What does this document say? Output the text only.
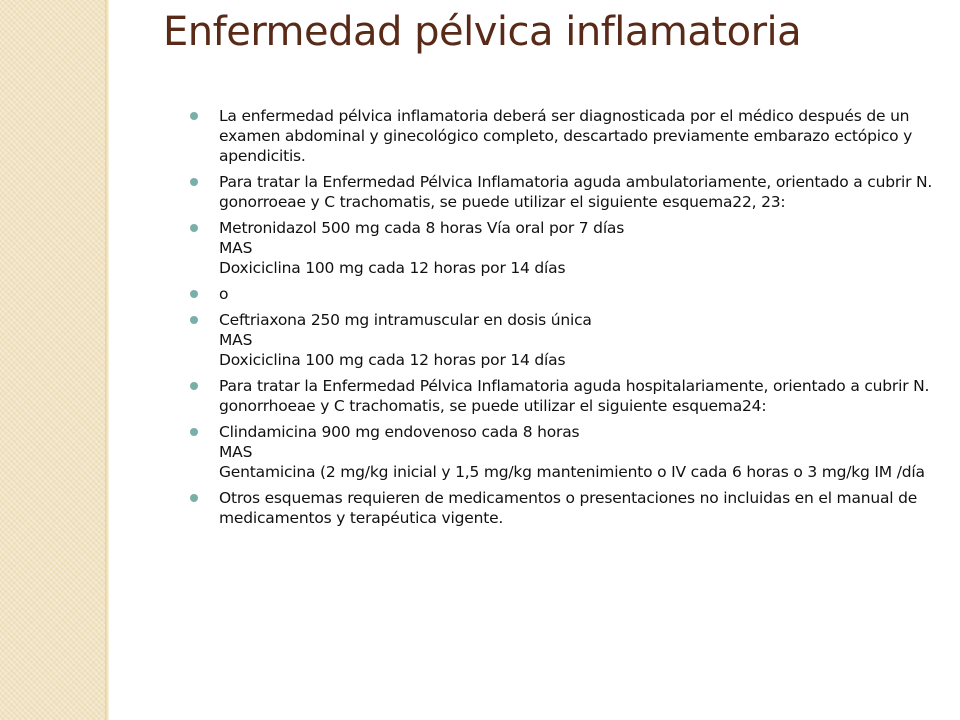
Enfermedad pélvica inflamatoria
La enfermedad pélvica inflamatoria deberá ser diagnosticada por el médico después de un examen abdominal y ginecológico completo, descartado previamente embarazo ectópico y apendicitis.
Para tratar la Enfermedad Pélvica Inflamatoria aguda ambulatoriamente, orientado a cubrir N. gonorroeae y C trachomatis, se puede utilizar el siguiente esquema22, 23:
Metronidazol 500 mg cada 8 horas Vía oral por 7 días
MAS
Doxiciclina 100 mg cada 12 horas por 14 días
o
Ceftriaxona 250 mg intramuscular en dosis única
MAS
Doxiciclina 100 mg cada 12 horas por 14 días
Para tratar la Enfermedad Pélvica Inflamatoria aguda hospitalariamente, orientado a cubrir N. gonorrhoeae y C trachomatis, se puede utilizar el siguiente esquema24:
Clindamicina 900 mg endovenoso cada 8 horas
MAS
Gentamicina (2 mg/kg inicial y 1,5 mg/kg mantenimiento o IV cada 6 horas o 3 mg/kg IM /día
Otros esquemas requieren de medicamentos o presentaciones no incluidas en el manual de medicamentos y terapéutica vigente.
